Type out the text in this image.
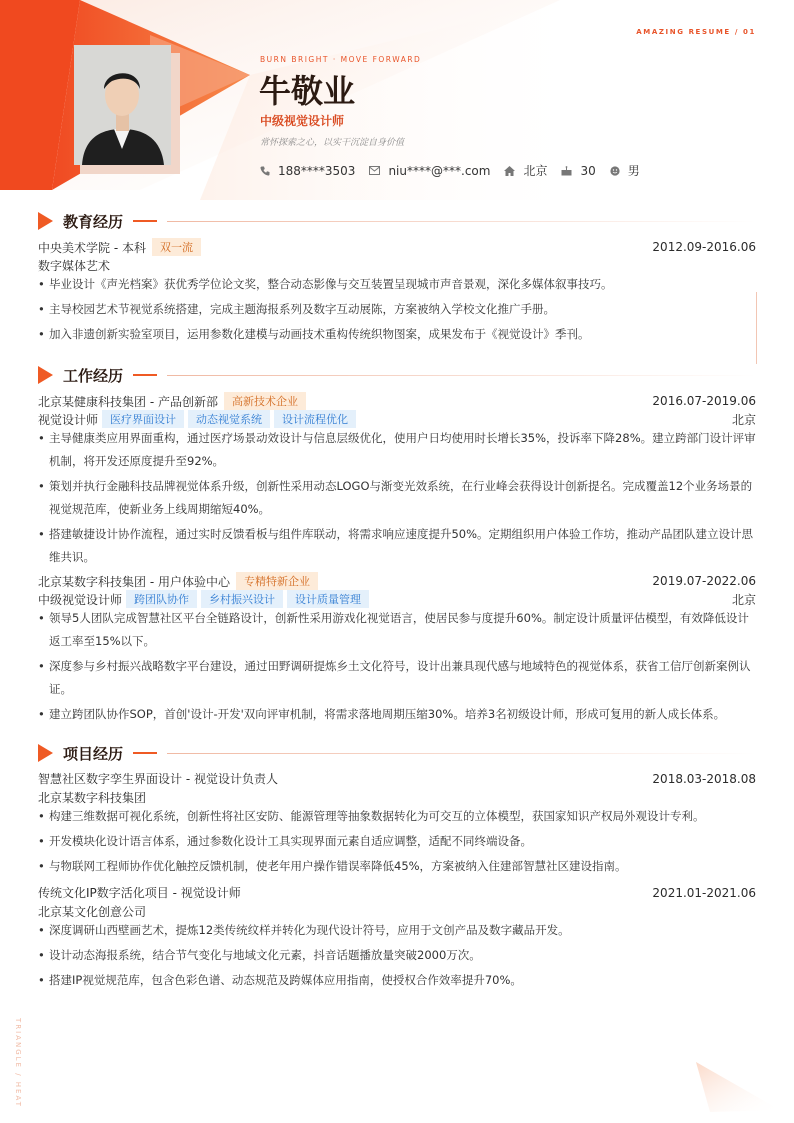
AMAZING RESUME / 01
BURN BRIGHT · MOVE FORWARD
牛敬业
中级视觉设计师
常怀探索之心，以实干沉淀自身价值
188****3503	niu****@***.com	北京	30	男
教育经历
中央美术学院 - 本科	双一流	2012.09-2016.06
数字媒体艺术
• 毕业设计《声光档案》获优秀学位论文奖，整合动态影像与交互装置呈现城市声音景观，深化多媒体叙事技巧。
• 主导校园艺术节视觉系统搭建，完成主题海报系列及数字互动展陈，方案被纳入学校文化推广手册。
• 加入非遗创新实验室项目，运用参数化建模与动画技术重构传统织物图案，成果发布于《视觉设计》季刊。
工作经历
北京某健康科技集团 - 产品创新部	高新技术企业	2016.07-2019.06
视觉设计师	医疗界面设计	动态视觉系统	设计流程优化	北京
• 主导健康类应用界面重构，通过医疗场景动效设计与信息层级优化，使用户日均使用时长增长35%，投诉率下降28%。建立跨部门设计评审机制，将开发还原度提升至92%。
• 策划并执行金融科技品牌视觉体系升级，创新性采用动态LOGO与渐变光效系统，在行业峰会获得设计创新提名。完成覆盖12个业务场景的视觉规范库，使新业务上线周期缩短40%。
• 搭建敏捷设计协作流程，通过实时反馈看板与组件库联动，将需求响应速度提升50%。定期组织用户体验工作坊，推动产品团队建立设计思维共识。
北京某数字科技集团 - 用户体验中心	专精特新企业	2019.07-2022.06
中级视觉设计师	跨团队协作	乡村振兴设计	设计质量管理	北京
• 领导5人团队完成智慧社区平台全链路设计，创新性采用游戏化视觉语言，使居民参与度提升60%。制定设计质量评估模型，有效降低设计返工率至15%以下。
• 深度参与乡村振兴战略数字平台建设，通过田野调研提炼乡土文化符号，设计出兼具现代感与地域特色的视觉体系，获省工信厅创新案例认证。
• 建立跨团队协作SOP，首创'设计-开发'双向评审机制，将需求落地周期压缩30%。培养3名初级设计师，形成可复用的新人成长体系。
项目经历
智慧社区数字孪生界面设计 - 视觉设计负责人	2018.03-2018.08
北京某数字科技集团
• 构建三维数据可视化系统，创新性将社区安防、能源管理等抽象数据转化为可交互的立体模型，获国家知识产权局外观设计专利。
• 开发模块化设计语言体系，通过参数化设计工具实现界面元素自适应调整，适配不同终端设备。
• 与物联网工程师协作优化触控反馈机制，使老年用户操作错误率降低45%，方案被纳入住建部智慧社区建设指南。
传统文化IP数字活化项目 - 视觉设计师	2021.01-2021.06
北京某文化创意公司
• 深度调研山西壁画艺术，提炼12类传统纹样并转化为现代设计符号，应用于文创产品及数字藏品开发。
• 设计动态海报系统，结合节气变化与地域文化元素，抖音话题播放量突破2000万次。
• 搭建IP视觉规范库，包含色彩色谱、动态规范及跨媒体应用指南，使授权合作效率提升70%。
TRIANGLE / HEAT
